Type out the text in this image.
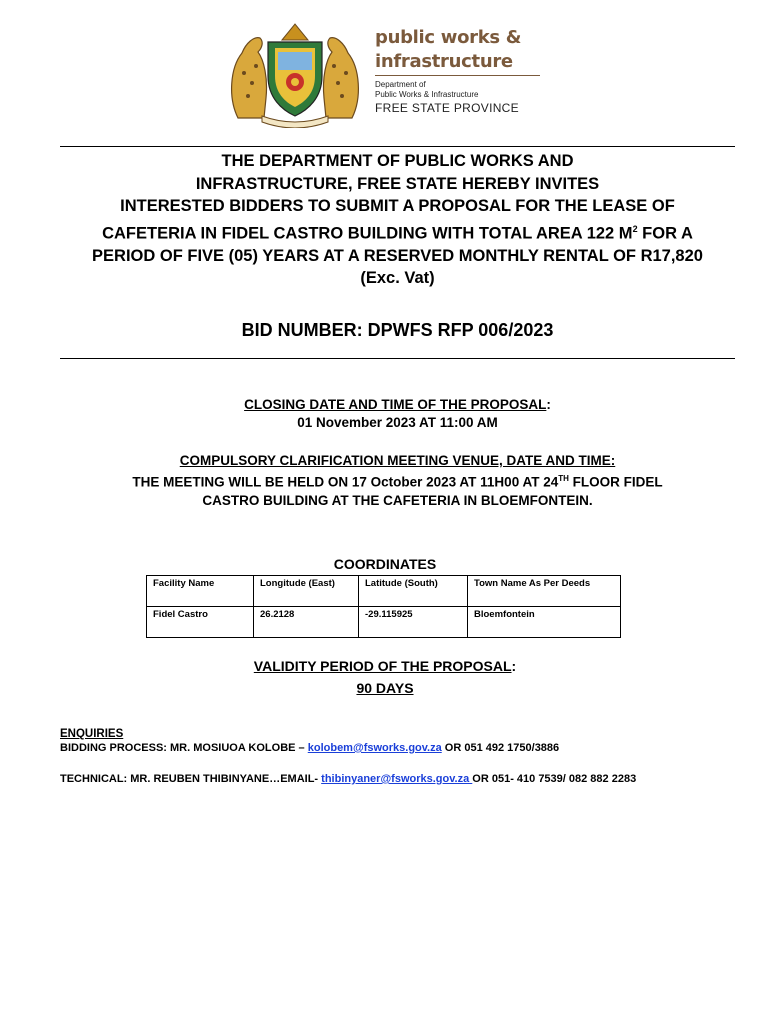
public works &
infrastructure
Department of
Public Works & Infrastructure
FREE STATE PROVINCE
THE DEPARTMENT OF PUBLIC WORKS AND
INFRASTRUCTURE, FREE STATE HEREBY INVITES
INTERESTED BIDDERS TO SUBMIT A PROPOSAL FOR THE LEASE OF
CAFETERIA IN FIDEL CASTRO BUILDING WITH TOTAL AREA 122 $M^2$ FOR A
PERIOD OF FIVE (05) YEARS AT A RESERVED MONTHLY RENTAL OF R17,820
(Exc. Vat)
BID NUMBER: DPWFS RFP 006/2023
CLOSING DATE AND TIME OF THE PROPOSAL:
01 November 2023 AT 11:00 AM
COMPULSORY CLARIFICATION MEETING VENUE, DATE AND TIME:
THE MEETING WILL BE HELD ON 17 October 2023 AT 11H00 AT 24TH FLOOR FIDEL
CASTRO BUILDING AT THE CAFETERIA IN BLOEMFONTEIN.
COORDINATES
Facility Name	Longitude (East)	Latitude (South)	Town Name As Per Deeds
Fidel Castro	26.2128	-29.115925	Bloemfontein
VALIDITY PERIOD OF THE PROPOSAL:
90 DAYS
ENQUIRIES
BIDDING PROCESS: MR. MOSIUOA KOLOBE – kolobem@fsworks.gov.za OR 051 492 1750/3886
TECHNICAL: MR. REUBEN THIBINYANE…EMAIL- thibinyaner@fsworks.gov.za OR 051- 410 7539/ 082 882 2283
